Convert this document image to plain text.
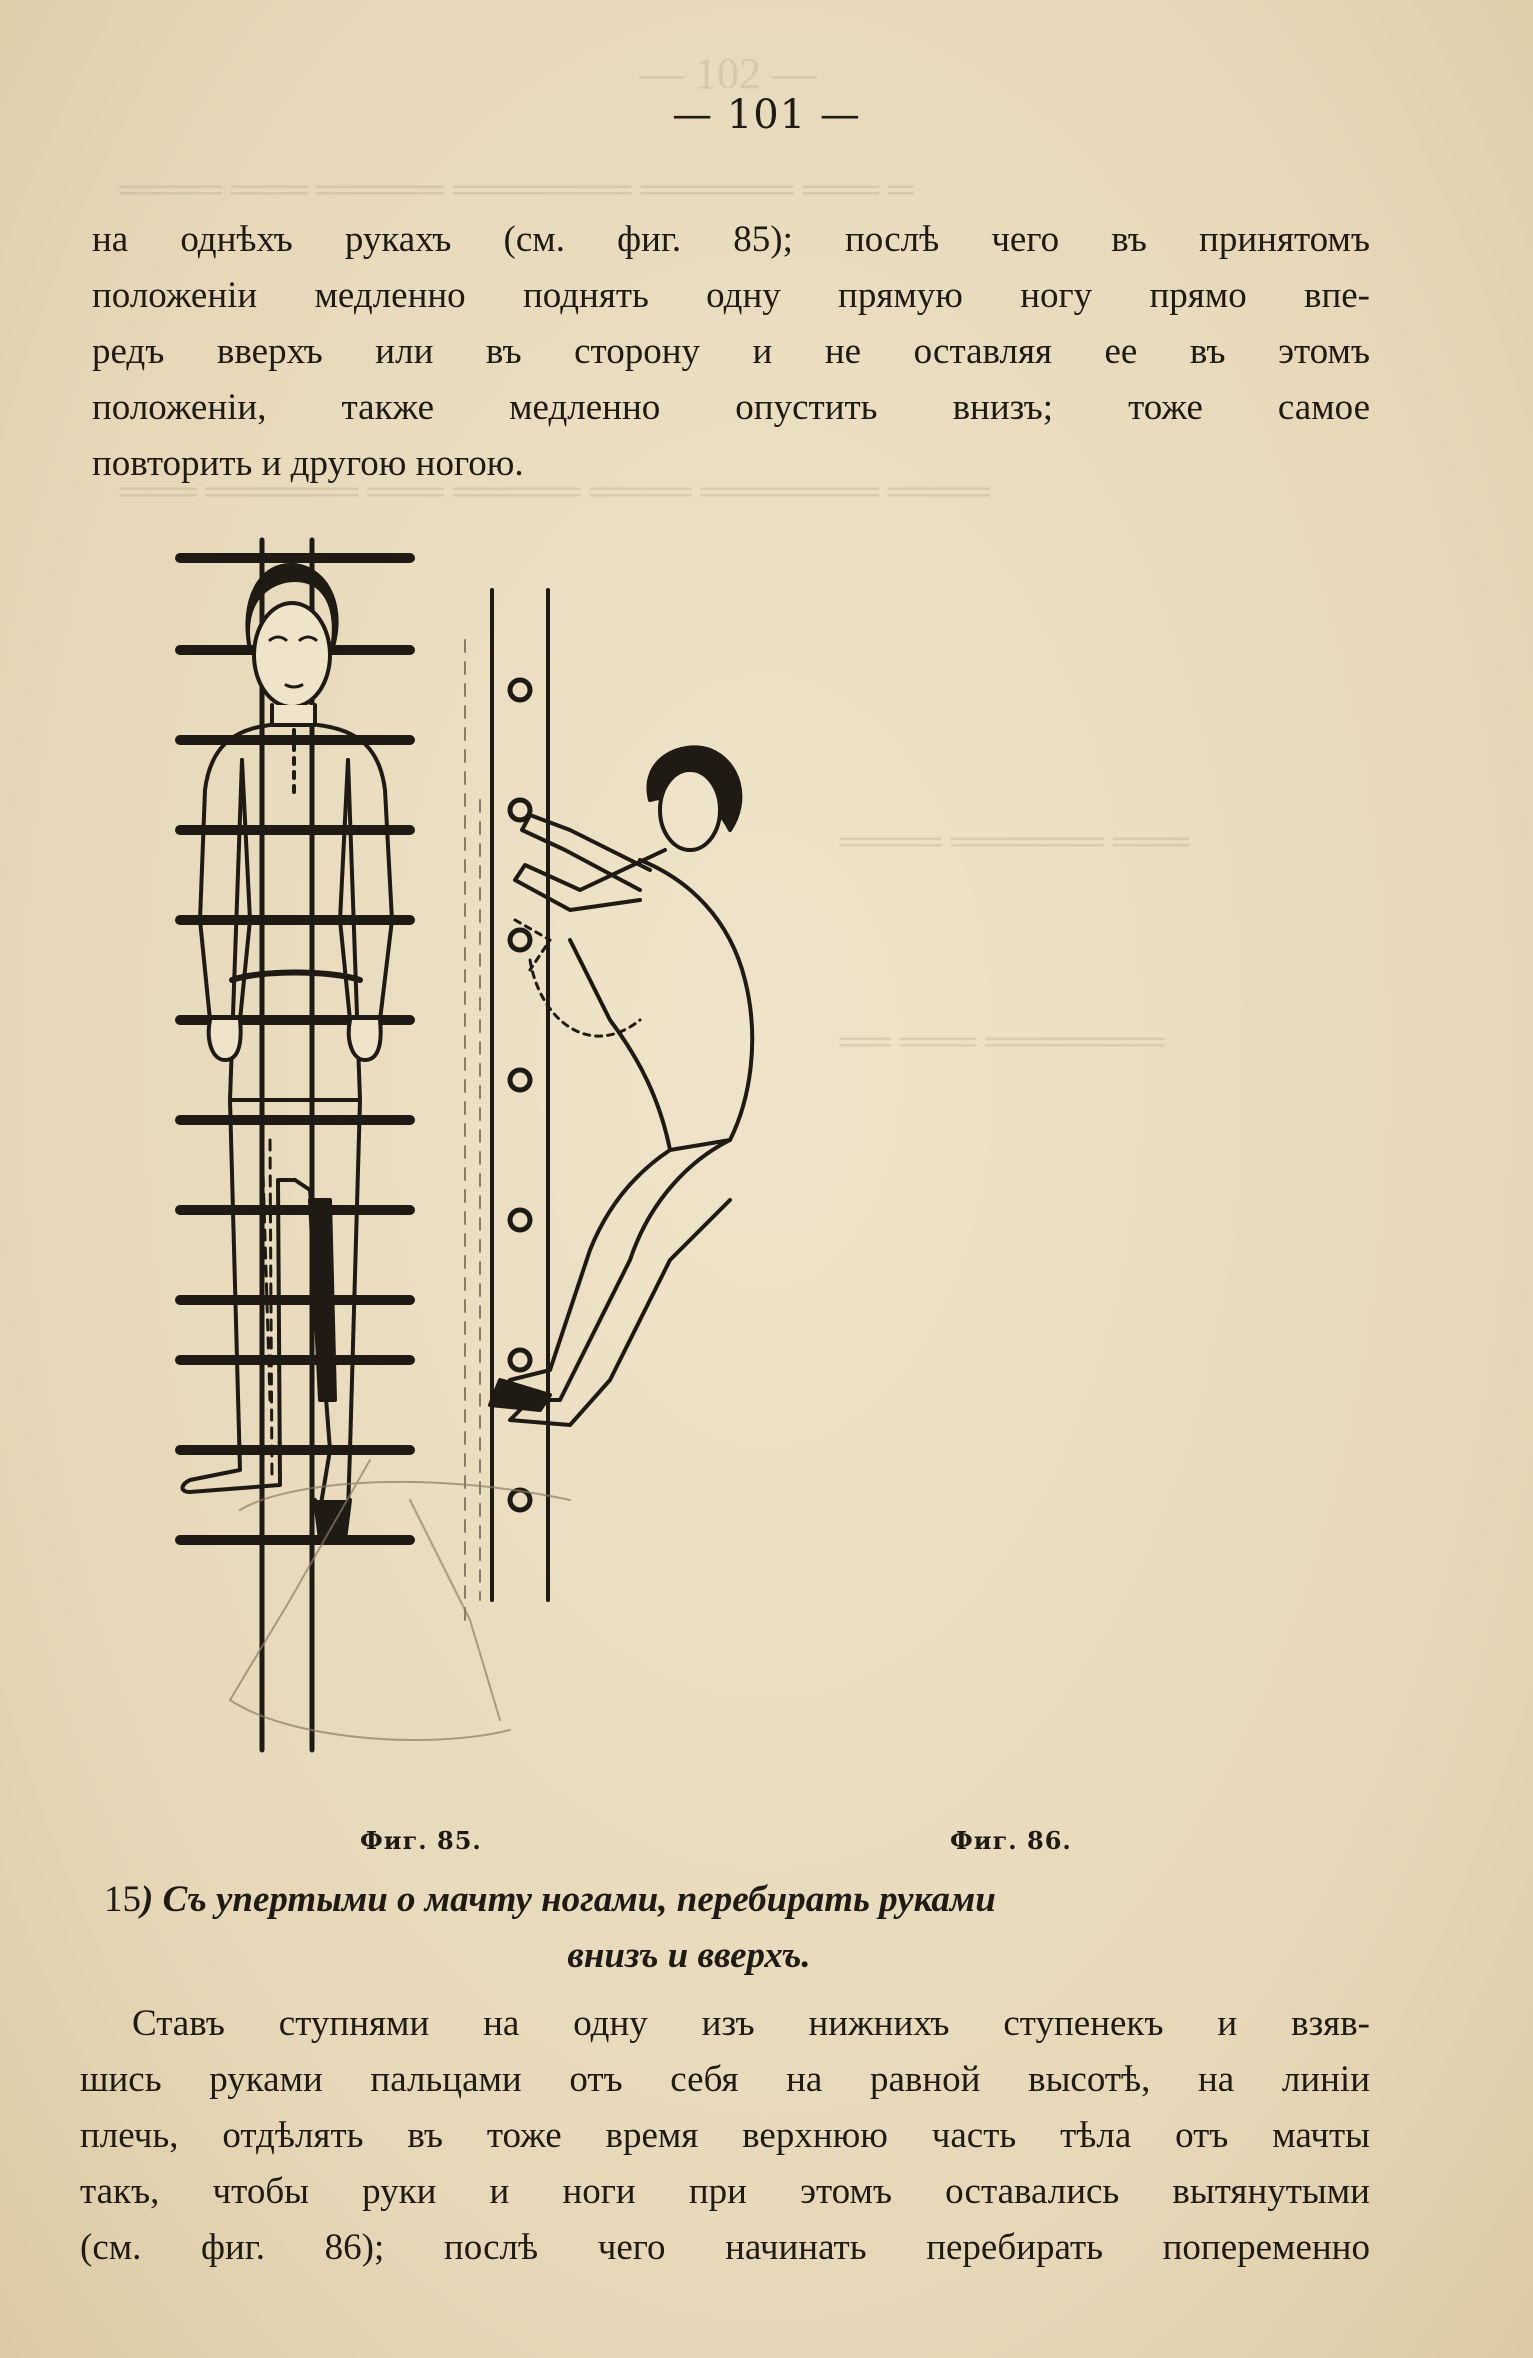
— 102 —
═ ═══ ══════ ═══════ ═════ ═══ ════
════ ═══════ ════ ═════ ═══ ══════ ═══
═══ ══════ ════
═══════ ═══ ══
— 101 —
на однѣхъ рукахъ (см. фиг. 85); послѣ чего въ принятомъ
положенiи медленно поднять одну прямую ногу прямо впе-
редъ вверхъ или въ сторону и не оставляя ее въ этомъ
положенiи, также медленно опустить внизъ; тоже самое
повторить и другою ногою.
Фиг. 85.	Фиг. 86.
15) Съ упертыми о мачту ногами, перебирать руками
внизъ и вверхъ.
Ставъ ступнями на одну изъ нижнихъ ступенекъ и взяв-
шись руками пальцами отъ себя на равной высотѣ, на линiи
плечь, отдѣлять въ тоже время верхнюю часть тѣла отъ мачты
такъ, чтобы руки и ноги при этомъ оставались вытянутыми
(см. фиг. 86); послѣ чего начинать перебирать попеременно
